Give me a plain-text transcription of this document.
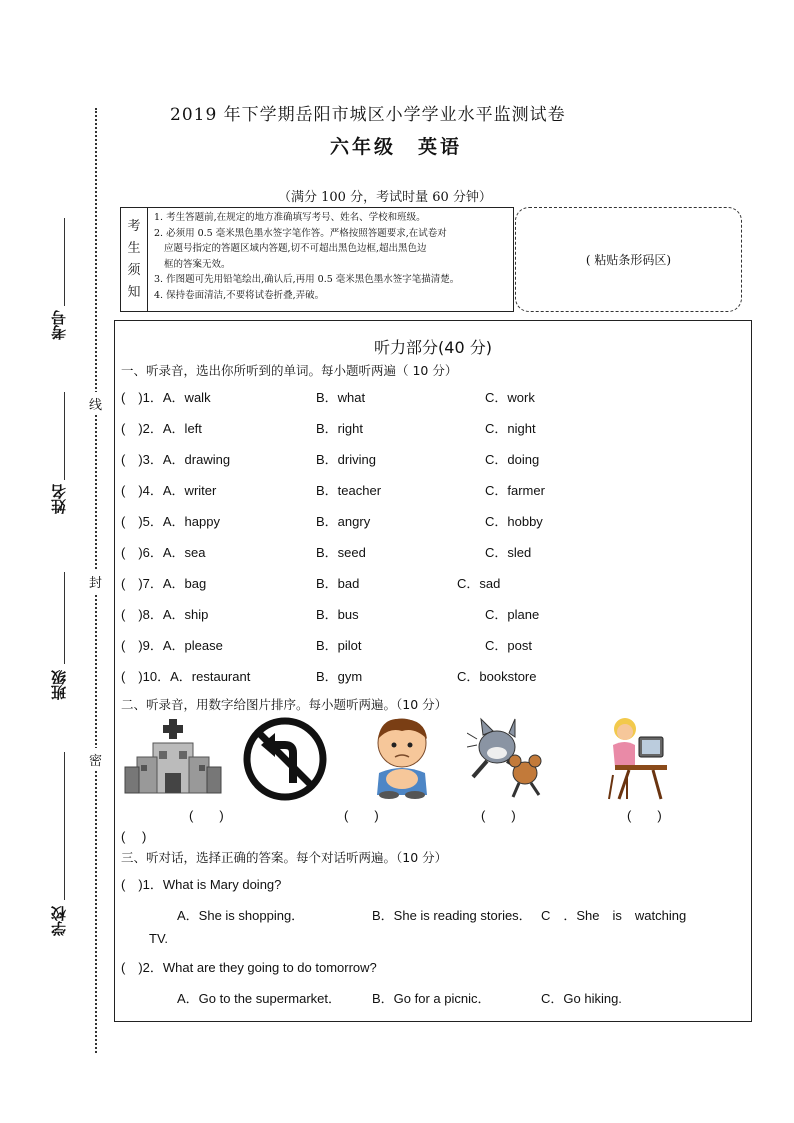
线
封
密
考号
姓名
班级
学校
2019 年下学期岳阳市城区小学学业水平监测试卷
六年级　英语
（满分 100 分，考试时量 60 分钟）
考
生
须
知

1. 考生答题前,在规定的地方准确填写考号、姓名、学校和班级。

2. 必须用 0.5 毫米黑色墨水签字笔作答。严格按照答题要求,在试卷对

应题号指定的答题区域内答题,切不可超出黑色边框,超出黑色边

框的答案无效。

3. 作图题可先用铅笔绘出,确认后,再用 0.5 毫米黑色墨水签字笔描清楚。

4. 保持卷面清洁,不要将试卷折叠,弄破。

( 粘贴条形码区)
听力部分(40 分)
一、听录音，选出你所听到的单词。每小题听两遍（ 10 分）
(　)1．A．walk	B．what	C．work
(　)2．A．left	B．right	C．night
(　)3．A．drawing	B．driving	C．doing
(　)4．A．writer	B．teacher	C．farmer
(　)5．A．happy	B．angry	C．hobby
(　)6．A．sea	B．seed	C．sled
(　)7．A．bag	B．bad	C．sad
(　)8．A．ship	B．bus	C．plane
(　)9．A．please	B．pilot	C．post
(　)10．A．restaurant	B．gym	C．bookstore
二、听录音，用数字给图片排序。每小题听两遍。（10 分）
(　　)	(　　)	(　　)	(　　)
(　 )
三、听对话，选择正确的答案。每个对话听两遍。（10 分）
(　)1．What is Mary doing?
A．She is shopping．	B．She is reading stories． C　．She　is　watching
TV.
(　)2．What are they going to do tomorrow?
A．Go to the supermarket． B．Go for a picnic．	C．Go hiking.
